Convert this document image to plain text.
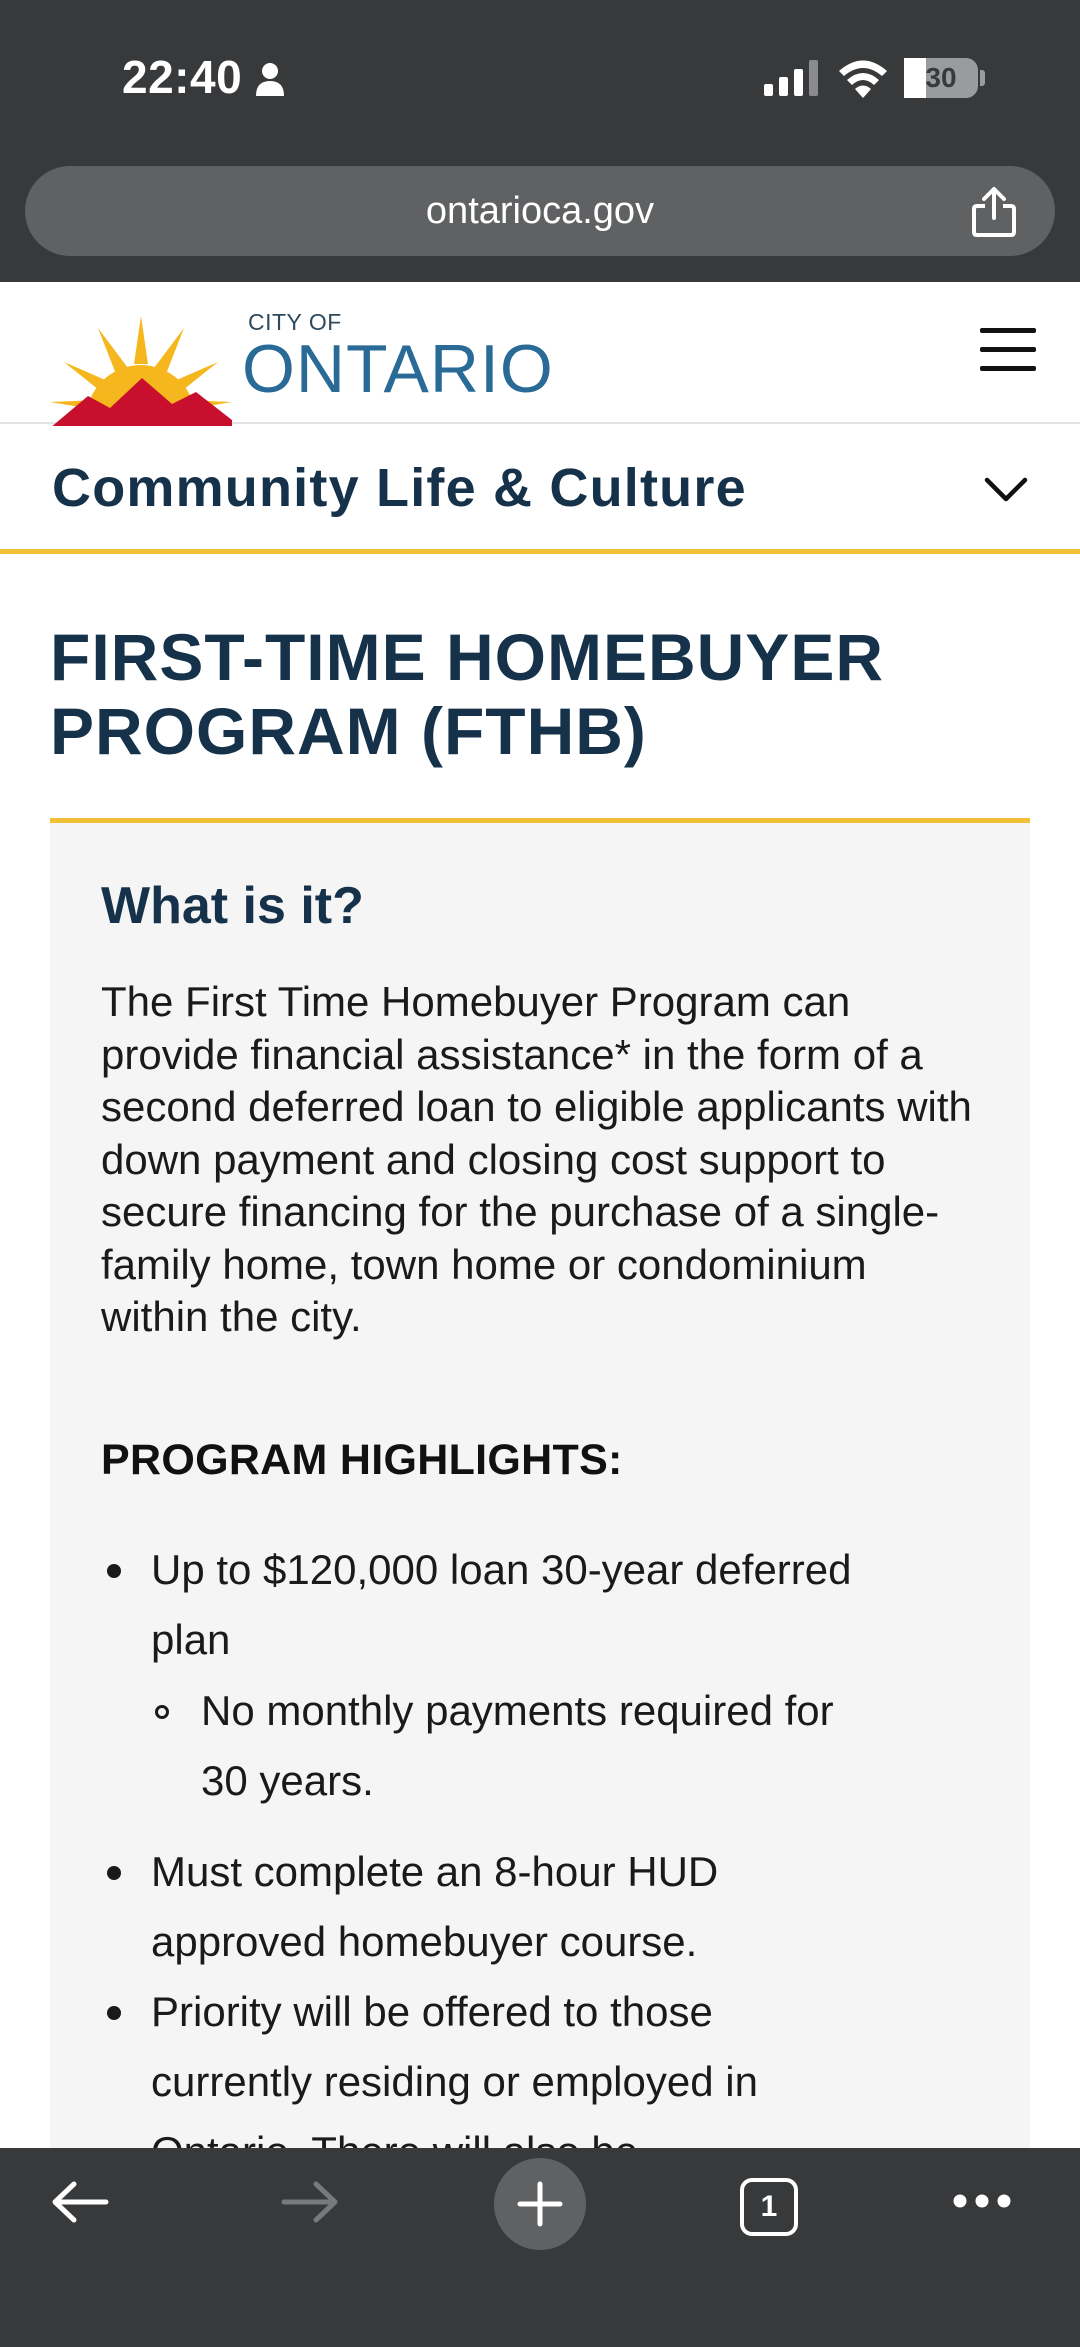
22:40	30
ontarioca.gov
CITY OF
ONTARIO
Community Life & Culture
FIRST-TIME HOMEBUYER
PROGRAM (FTHB)
What is it?
The First Time Homebuyer Program can provide financial assistance* in the form of a second deferred loan to eligible applicants with down payment and closing cost support to secure financing for the purchase of a single-family home, town home or condominium within the city.
PROGRAM HIGHLIGHTS:
Up to $120,000 loan 30-year deferred
plan
No monthly payments required for
30 years.
Must complete an 8-hour HUD
approved homebuyer course.
Priority will be offered to those
currently residing or employed in
1
